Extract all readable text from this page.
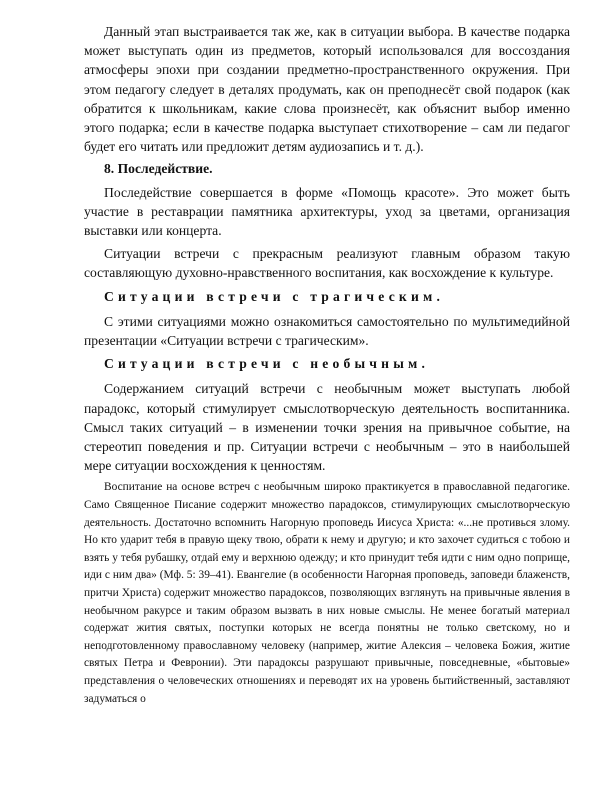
Данный этап выстраивается так же, как в ситуации выбора. В качестве подарка может выступать один из предметов, который использовался для воссоздания атмосферы эпохи при создании предметно-пространственного окружения. При этом педагогу следует в деталях продумать, как он преподнесёт свой подарок (как обратится к школьникам, какие слова произнесёт, как объяснит выбор именно этого подарка; если в качестве подарка выступает стихотворение – сам ли педагог будет его читать или предложит детям аудиозапись и т. д.).

8. Последействие.

Последействие совершается в форме «Помощь красоте». Это может быть участие в реставрации памятника архитектуры, уход за цветами, организация выставки или концерта.

Ситуации встречи с прекрасным реализуют главным образом такую составляющую духовно-нравственного воспитания, как восхождение к культуре.

Ситуации встречи с трагическим.

С этими ситуациями можно ознакомиться самостоятельно по мультимедийной презентации «Ситуации встречи с трагическим».

Ситуации встречи с необычным.

Содержанием ситуаций встречи с необычным может выступать любой парадокс, который стимулирует смыслотворческую деятельность воспитанника. Смысл таких ситуаций – в изменении точки зрения на привычное событие, на стереотип поведения и пр. Ситуации встречи с необычным – это в наибольшей мере ситуации восхождения к ценностям.

Воспитание на основе встреч с необычным широко практикуется в православной педагогике. Само Священное Писание содержит множество парадоксов, стимулирующих смыслотворческую деятельность. Достаточно вспомнить Нагорную проповедь Иисуса Христа: «...не противься злому. Но кто ударит тебя в правую щеку твою, обрати к нему и другую; и кто захочет судиться с тобою и взять у тебя рубашку, отдай ему и верхнюю одежду; и кто принудит тебя идти с ним одно поприще, иди с ним два» (Мф. 5: 39–41). Евангелие (в особенности Нагорная проповедь, заповеди блаженств, притчи Христа) содержит множество парадоксов, позволяющих взглянуть на привычные явления в необычном ракурсе и таким образом вызвать в них новые смыслы. Не менее богатый материал содержат жития святых, поступки которых не всегда понятны не только светскому, но и неподготовленному православному человеку (например, житие Алексия – человека Божия, житие святых Петра и Февронии). Эти парадоксы разрушают привычные, повседневные, «бытовые» представления о человеческих отношениях и переводят их на уровень бытийственный, заставляют задуматься о
